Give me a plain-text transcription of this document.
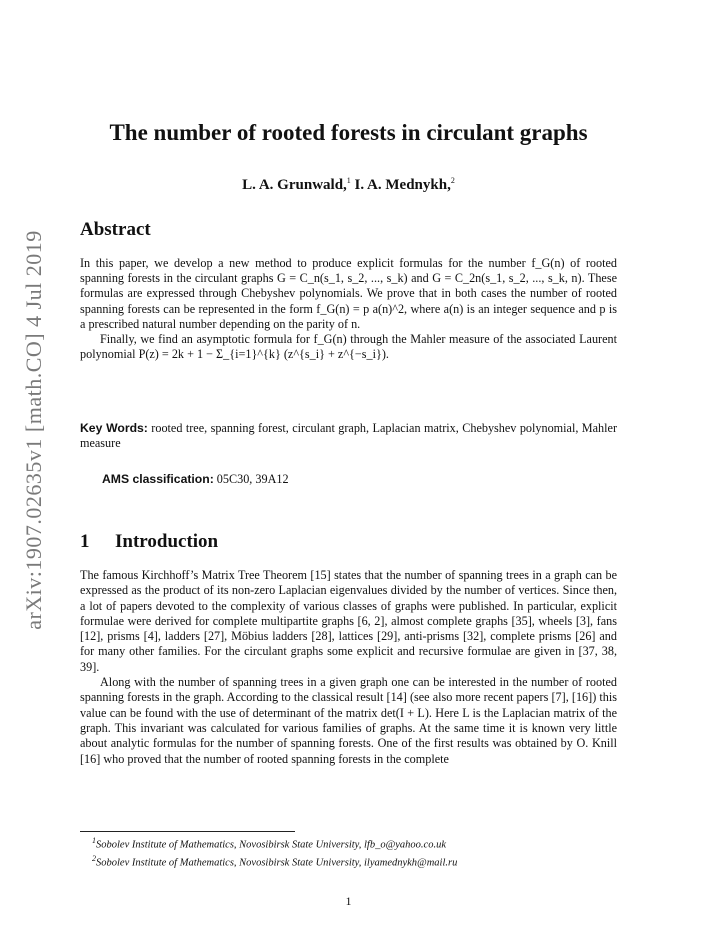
arXiv:1907.02635v1 [math.CO] 4 Jul 2019
The number of rooted forests in circulant graphs

L. A. Grunwald,$^1$ I. A. Mednykh,$^2$

Abstract

In this paper, we develop a new method to produce explicit formulas for the number f_G(n) of rooted spanning forests in the circulant graphs G = C_n(s_1, s_2, ..., s_k) and G = C_2n(s_1, s_2, ..., s_k, n). These formulas are expressed through Chebyshev polynomials. We prove that in both cases the number of rooted spanning forests can be represented in the form f_G(n) = p a(n)^2, where a(n) is an integer sequence and p is a prescribed natural number depending on the parity of n.

Finally, we find an asymptotic formula for f_G(n) through the Mahler measure of the associated Laurent polynomial P(z) = 2k + 1 − Σ_{i=1}^{k} (z^{s_i} + z^{−s_i}).

Key Words: rooted tree, spanning forest, circulant graph, Laplacian matrix, Chebyshev polynomial, Mahler measure

AMS classification: 05C30, 39A12

1 Introduction

The famous Kirchhoff’s Matrix Tree Theorem [15] states that the number of spanning trees in a graph can be expressed as the product of its non-zero Laplacian eigenvalues divided by the number of vertices. Since then, a lot of papers devoted to the complexity of various classes of graphs were published. In particular, explicit formulae were derived for complete multipartite graphs [6, 2], almost complete graphs [35], wheels [3], fans [12], prisms [4], ladders [27], Möbius ladders [28], lattices [29], anti-prisms [32], complete prisms [26] and for many other families. For the circulant graphs some explicit and recursive formulae are given in [37, 38, 39].

Along with the number of spanning trees in a given graph one can be interested in the number of rooted spanning forests in the graph. According to the classical result [14] (see also more recent papers [7], [16]) this value can be found with the use of determinant of the matrix det(I + L). Here L is the Laplacian matrix of the graph. This invariant was calculated for various families of graphs. At the same time it is known very little about analytic formulas for the number of spanning forests. One of the first results was obtained by O. Knill [16] who proved that the number of rooted spanning forests in the complete

$^1$Sobolev Institute of Mathematics, Novosibirsk State University, lfb_o@yahoo.co.uk
$^2$Sobolev Institute of Mathematics, Novosibirsk State University, ilyamednykh@mail.ru

1
